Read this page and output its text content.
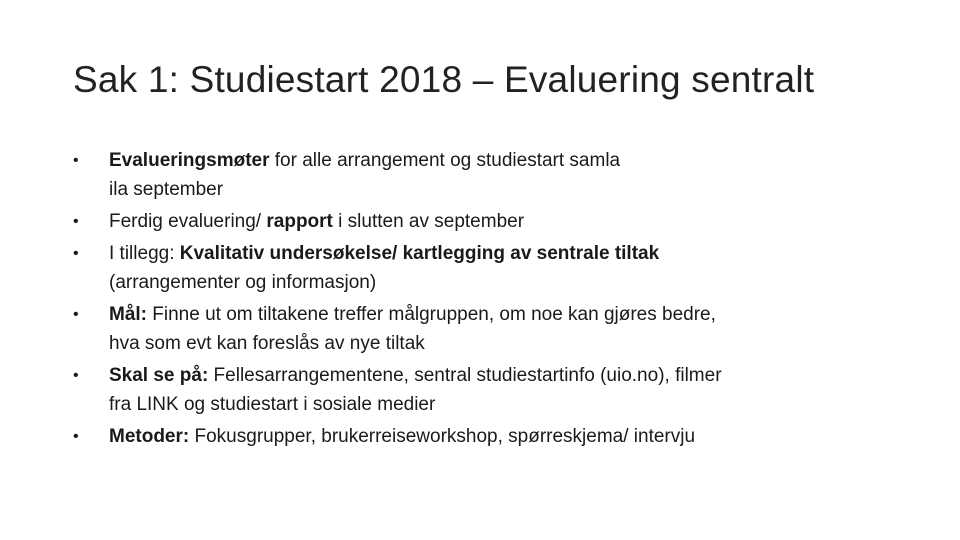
Sak 1: Studiestart 2018 – Evaluering sentralt
•	Evalueringsmøter for alle arrangement og studiestart samla
ila september
•	Ferdig evaluering/ rapport i slutten av september
•	I tillegg: Kvalitativ undersøkelse/ kartlegging av sentrale tiltak
(arrangementer og informasjon)
•	Mål: Finne ut om tiltakene treffer målgruppen, om noe kan gjøres bedre,
hva som evt kan foreslås av nye tiltak
•	Skal se på: Fellesarrangementene, sentral studiestartinfo (uio.no), filmer
fra LINK og studiestart i sosiale medier
•	Metoder: Fokusgrupper, brukerreiseworkshop, spørreskjema/ intervju
